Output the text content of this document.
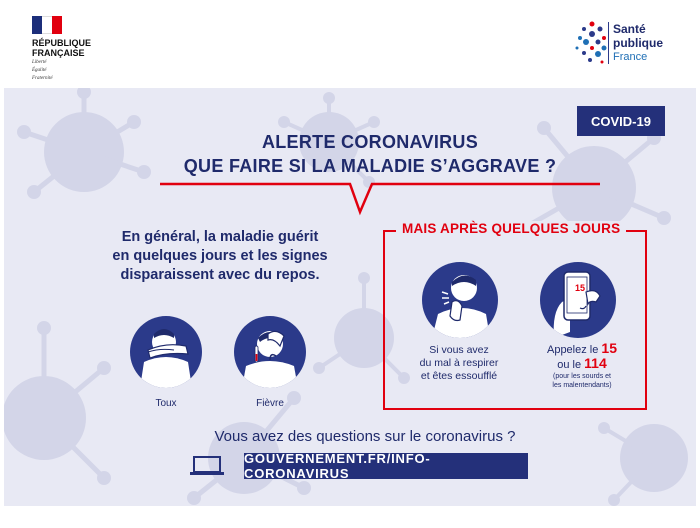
RÉPUBLIQUE
FRANÇAISE
Liberté
Égalité
Fraternité
Santé
publique
France
COVID-19
ALERTE CORONAVIRUS
QUE FAIRE SI LA MALADIE S’AGGRAVE ?
En général, la maladie guérit
en quelques jours et les signes
disparaissent avec du repos.
Toux	Fièvre
MAIS APRÈS QUELQUES JOURS
15
Si vous avez
du mal à respirer
et êtes essoufflé
Appelez le 15
ou le 114
(pour les sourds et
les malentendants)
Vous avez des questions sur le coronavirus ?
GOUVERNEMENT.FR/INFO-CORONAVIRUS
